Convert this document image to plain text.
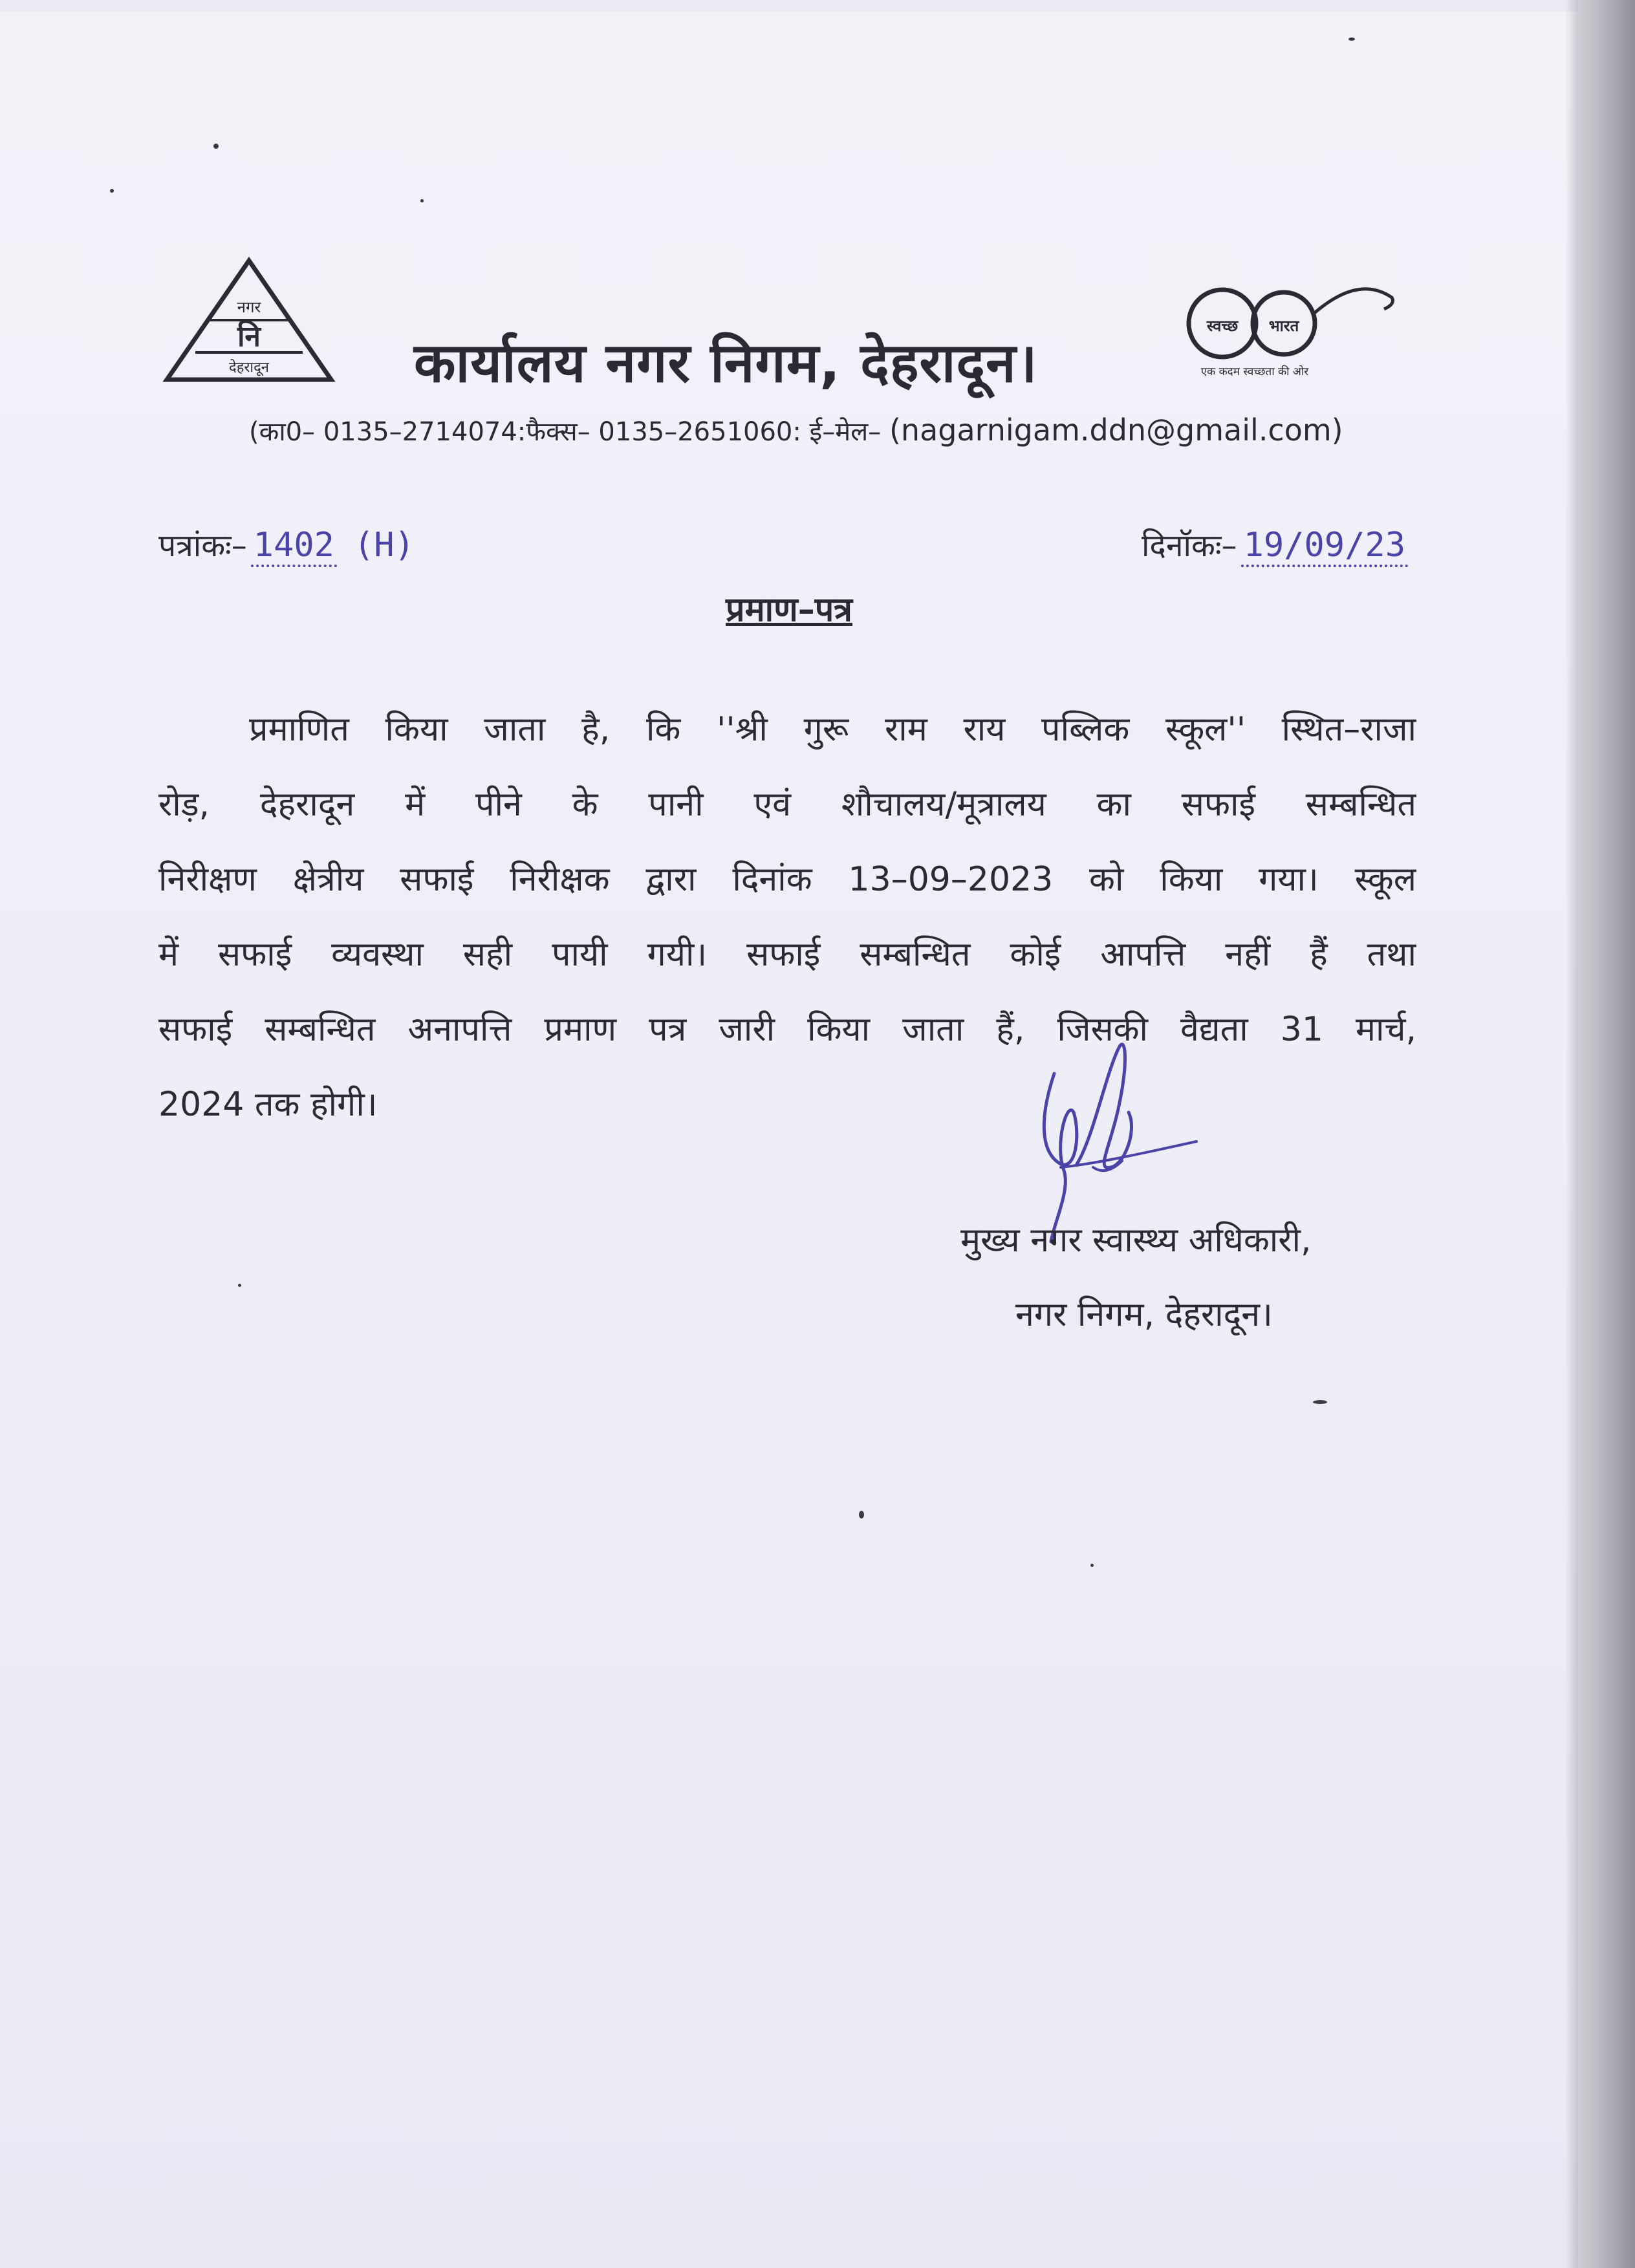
नगर
नि
देहरादून	कार्यालय नगर निगम, देहरादून।
स्वच्छ भारत
एक कदम स्वच्छता की ओर
(का0– 0135–2714074:फैक्स– 0135–2651060: ई–मेल– (nagarnigam.ddn@gmail.com)
पत्रांकः– 1402 (H)	दिनॉकः– 19/09/23
प्रमाण–पत्र
प्रमाणित किया जाता है, कि ''श्री गुरू राम राय पब्लिक स्कूल'' स्थित–राजा
रोड़, देहरादून में पीने के पानी एवं शौचालय/मूत्रालय का सफाई सम्बन्धित
निरीक्षण क्षेत्रीय सफाई निरीक्षक द्वारा दिनांक 13–09–2023 को किया गया। स्कूल
में सफाई व्यवस्था सही पायी गयी। सफाई सम्बन्धित कोई आपत्ति नहीं हैं तथा
सफाई सम्बन्धित अनापत्ति प्रमाण पत्र जारी किया जाता हैं, जिसकी वैद्यता 31 मार्च,
2024 तक होगी।
मुख्य नगर स्वास्थ्य अधिकारी,
नगर निगम, देहरादून।
